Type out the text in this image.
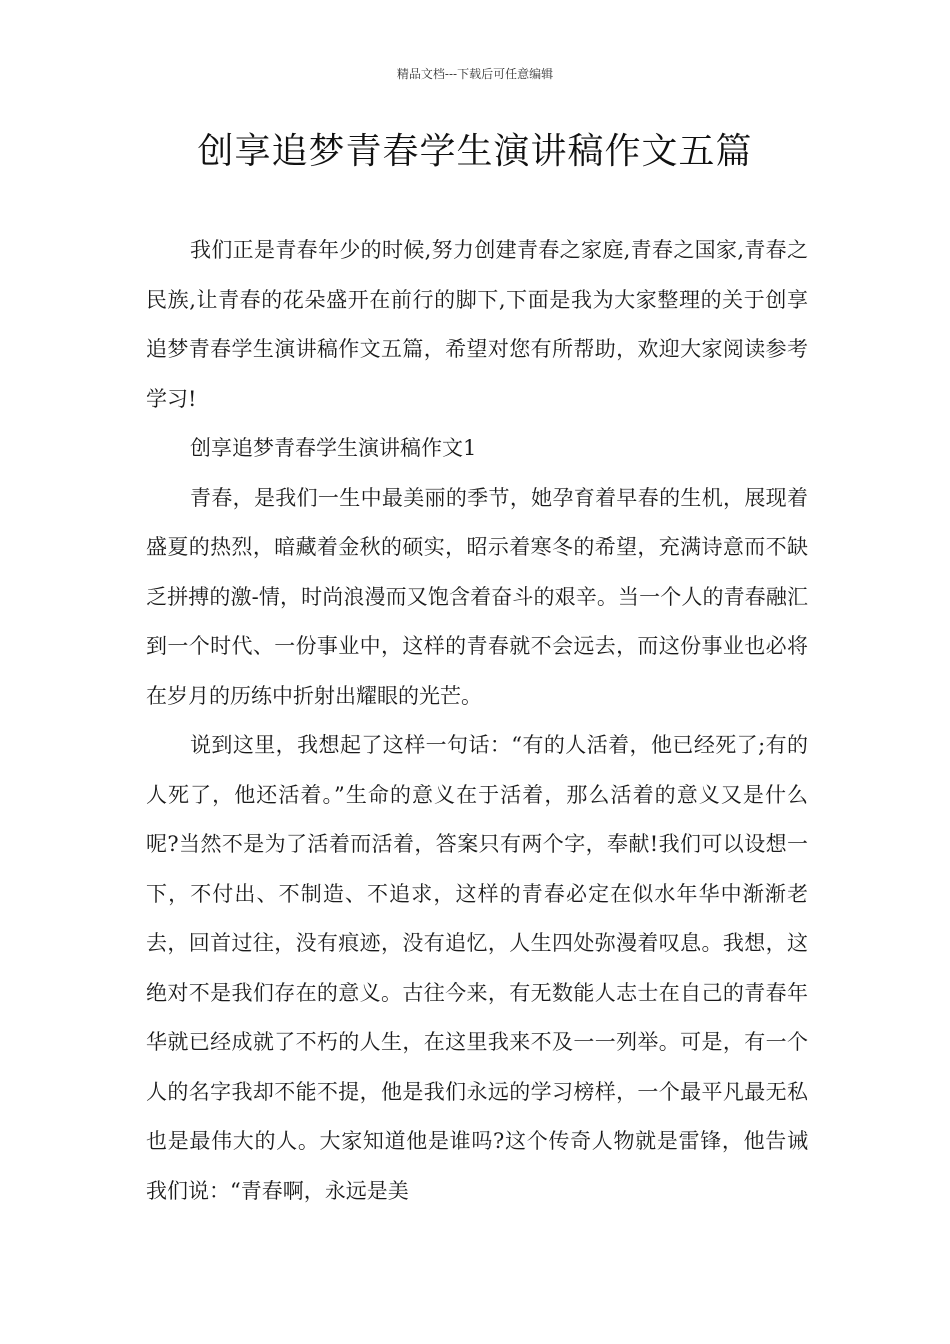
精品文档---下载后可任意编辑
创享追梦青春学生演讲稿作文五篇

我们正是青春年少的时候,努力创建青春之家庭,青春之国家,青春之民族,让青春的花朵盛开在前行的脚下,下面是我为大家整理的关于创享追梦青春学生演讲稿作文五篇，希望对您有所帮助，欢迎大家阅读参考学习!

创享追梦青春学生演讲稿作文1

青春，是我们一生中最美丽的季节，她孕育着早春的生机，展现着盛夏的热烈，暗藏着金秋的硕实，昭示着寒冬的希望，充满诗意而不缺乏拼搏的激-情，时尚浪漫而又饱含着奋斗的艰辛。当一个人的青春融汇到一个时代、一份事业中，这样的青春就不会远去，而这份事业也必将在岁月的历练中折射出耀眼的光芒。

说到这里，我想起了这样一句话：“有的人活着，他已经死了;有的人死了，他还活着。”生命的意义在于活着，那么活着的意义又是什么呢?当然不是为了活着而活着，答案只有两个字，奉献!我们可以设想一下，不付出、不制造、不追求，这样的青春必定在似水年华中渐渐老去，回首过往，没有痕迹，没有追忆，人生四处弥漫着叹息。我想，这绝对不是我们存在的意义。古往今来，有无数能人志士在自己的青春年华就已经成就了不朽的人生，在这里我来不及一一列举。可是，有一个人的名字我却不能不提，他是我们永远的学习榜样，一个最平凡最无私也是最伟大的人。大家知道他是谁吗?这个传奇人物就是雷锋，他告诫我们说：“青春啊，永远是美
